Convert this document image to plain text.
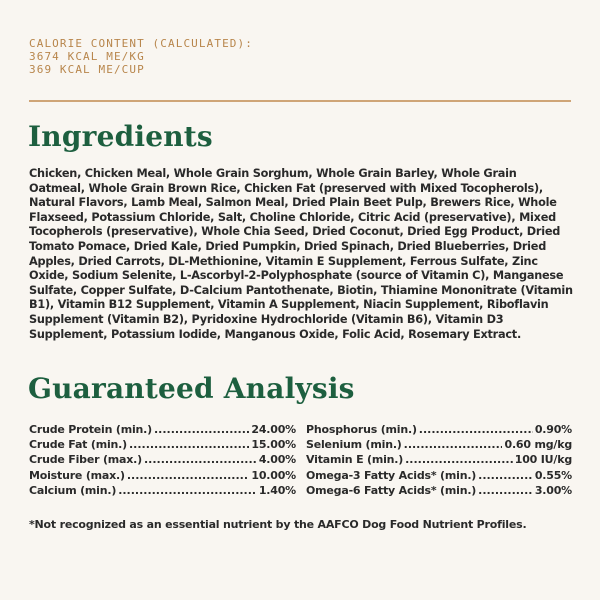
CALORIE CONTENT (CALCULATED):
3674 KCAL ME/KG
369 KCAL ME/CUP
Ingredients
Chicken, Chicken Meal, Whole Grain Sorghum, Whole Grain Barley, Whole Grain Oatmeal, Whole Grain Brown Rice, Chicken Fat (preserved with Mixed Tocopherols), Natural Flavors, Lamb Meal, Salmon Meal, Dried Plain Beet Pulp, Brewers Rice, Whole Flaxseed, Potassium Chloride, Salt, Choline Chloride, Citric Acid (preservative), Mixed Tocopherols (preservative), Whole Chia Seed, Dried Coconut, Dried Egg Product, Dried Tomato Pomace, Dried Kale, Dried Pumpkin, Dried Spinach, Dried Blueberries, Dried Apples, Dried Carrots, DL-Methionine, Vitamin E Supplement, Ferrous Sulfate, Zinc Oxide, Sodium Selenite, L-Ascorbyl-2-Polyphosphate (source of Vitamin C), Manganese Sulfate, Copper Sulfate, D-Calcium Pantothenate, Biotin, Thiamine Mononitrate (Vitamin B1), Vitamin B12 Supplement, Vitamin A Supplement, Niacin Supplement, Riboflavin Supplement (Vitamin B2), Pyridoxine Hydrochloride (Vitamin B6), Vitamin D3 Supplement, Potassium Iodide, Manganous Oxide, Folic Acid, Rosemary Extract.
Guaranteed Analysis
Crude Protein (min.) .....	24.00%
Crude Fat (min.) .....	15.00%
Crude Fiber (max.) .....	4.00%
Moisture (max.) .....	10.00%
Calcium (min.) .....	1.40%
Phosphorus (min.) .....	0.90%
Selenium (min.) .....	0.60 mg/kg
Vitamin E (min.) .....	100 IU/kg
Omega-3 Fatty Acids* (min.) .....	0.55%
Omega-6 Fatty Acids* (min.) .....	3.00%
*Not recognized as an essential nutrient by the AAFCO Dog Food Nutrient Profiles.
